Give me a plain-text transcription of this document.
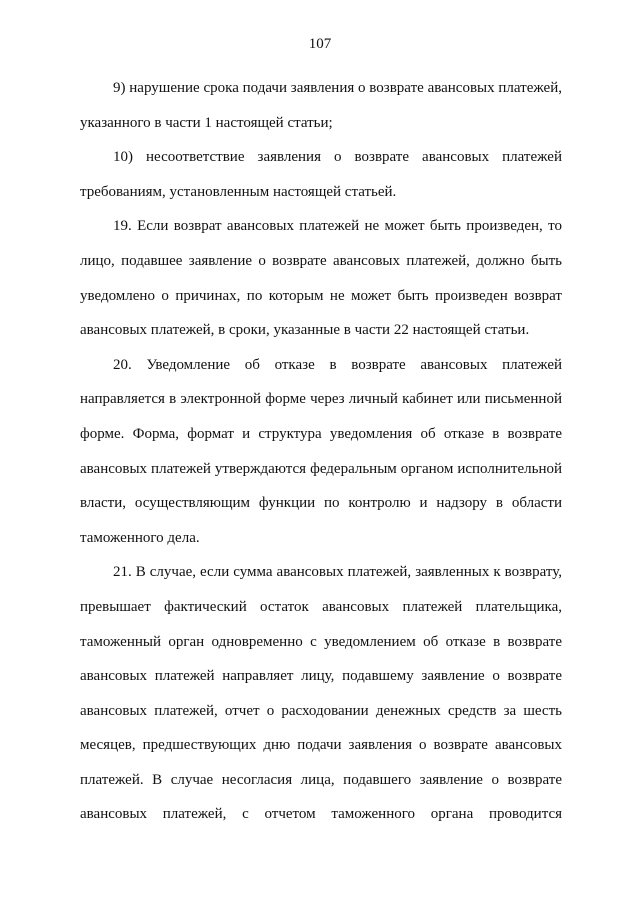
107

9) нарушение срока подачи заявления о возврате авансовых платежей, указанного в части 1 настоящей статьи;

10) несоответствие заявления о возврате авансовых платежей требованиям, установленным настоящей статьей.

19. Если возврат авансовых платежей не может быть произведен, то лицо, подавшее заявление о возврате авансовых платежей, должно быть уведомлено о причинах, по которым не может быть произведен возврат авансовых платежей, в сроки, указанные в части 22 настоящей статьи.

20. Уведомление об отказе в возврате авансовых платежей направляется в электронной форме через личный кабинет или письменной форме. Форма, формат и структура уведомления об отказе в возврате авансовых платежей утверждаются федеральным органом исполнительной власти, осуществляющим функции по контролю и надзору в области таможенного дела.

21. В случае, если сумма авансовых платежей, заявленных к возврату, превышает фактический остаток авансовых платежей плательщика, таможенный орган одновременно с уведомлением об отказе в возврате авансовых платежей направляет лицу, подавшему заявление о возврате авансовых платежей, отчет о расходовании денежных средств за шесть месяцев, предшествующих дню подачи заявления о возврате авансовых платежей. В случае несогласия лица, подавшего заявление о возврате авансовых платежей, с отчетом таможенного органа проводится
